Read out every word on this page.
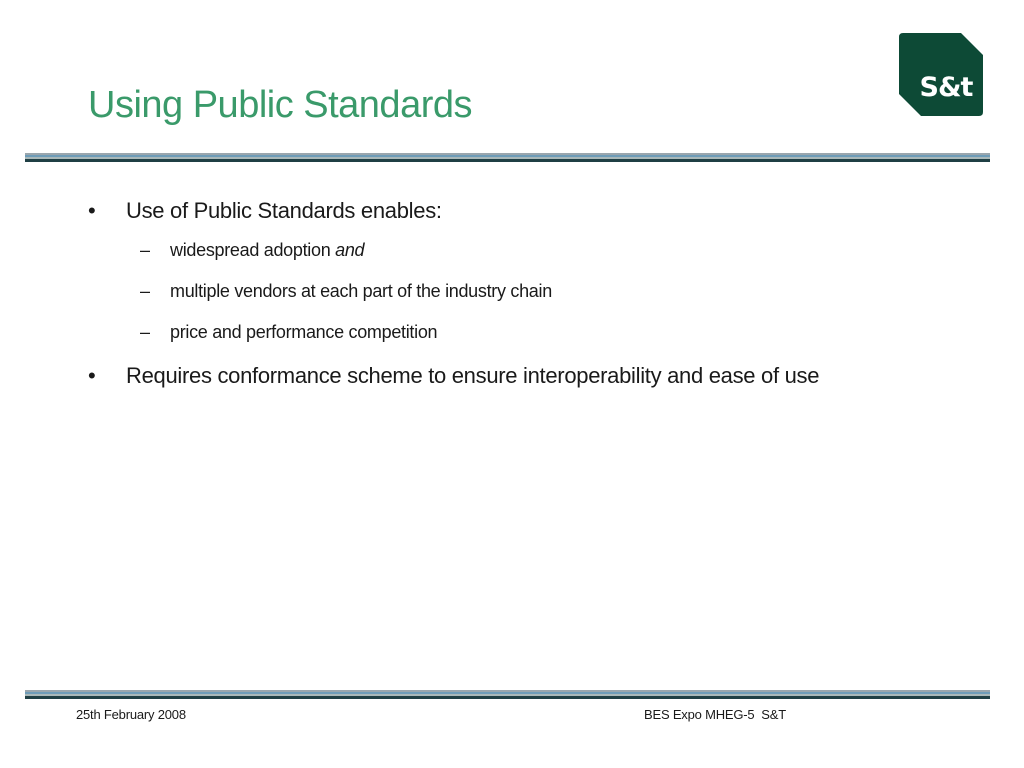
Using Public Standards	S&t
• Use of Public Standards enables:
– widespread adoption and
– multiple vendors at each part of the industry chain
– price and performance competition
• Requires conformance scheme to ensure interoperability and ease of use
25th February 2008	BES Expo MHEG-5  S&T
